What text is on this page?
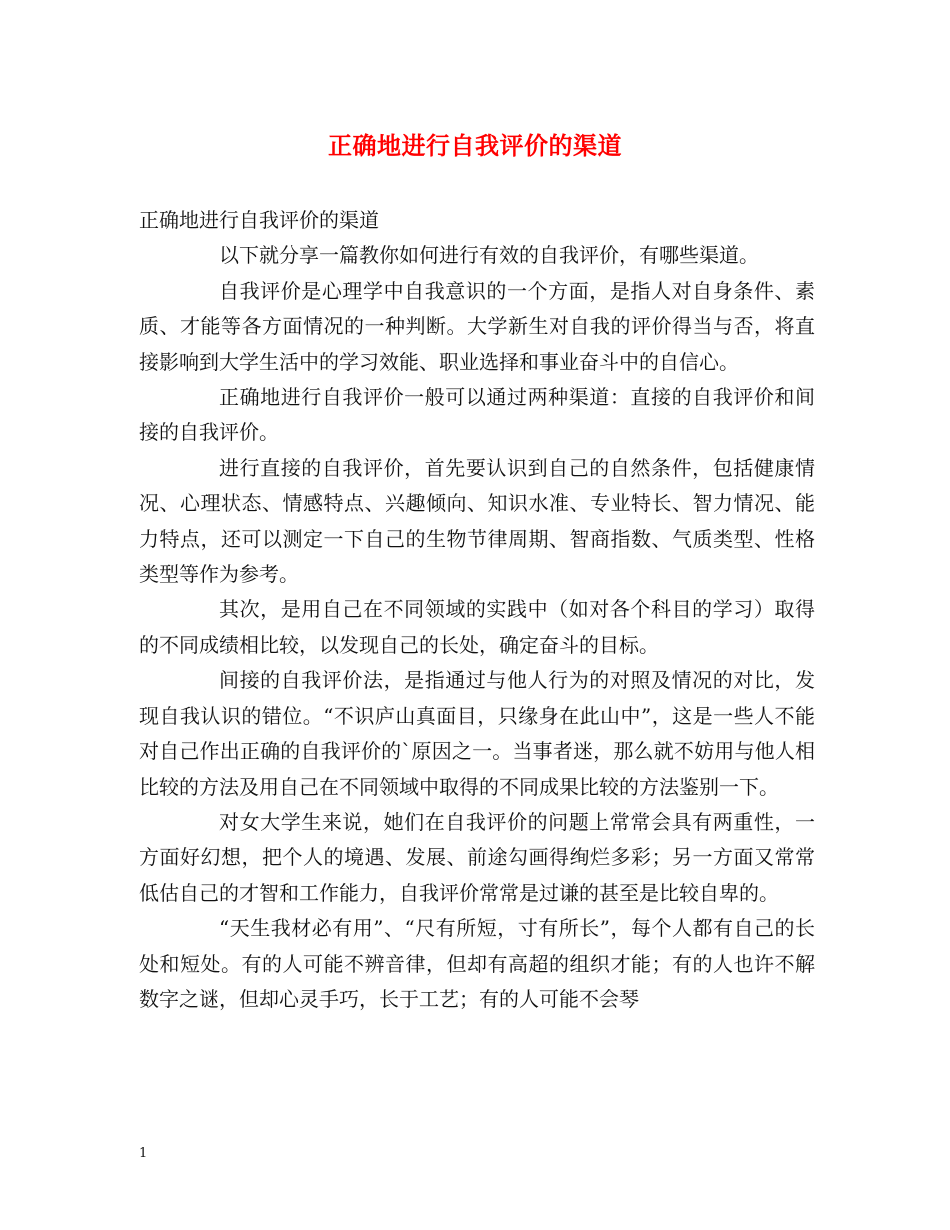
正确地进行自我评价的渠道

正确地进行自我评价的渠道

以下就分享一篇教你如何进行有效的自我评价，有哪些渠道。

自我评价是心理学中自我意识的一个方面，是指人对自身条件、素质、才能等各方面情况的一种判断。大学新生对自我的评价得当与否，将直接影响到大学生活中的学习效能、职业选择和事业奋斗中的自信心。

正确地进行自我评价一般可以通过两种渠道：直接的自我评价和间接的自我评价。

进行直接的自我评价，首先要认识到自己的自然条件，包括健康情况、心理状态、情感特点、兴趣倾向、知识水准、专业特长、智力情况、能力特点，还可以测定一下自己的生物节律周期、智商指数、气质类型、性格类型等作为参考。

其次，是用自己在不同领域的实践中（如对各个科目的学习）取得的不同成绩相比较，以发现自己的长处，确定奋斗的目标。

间接的自我评价法，是指通过与他人行为的对照及情况的对比，发现自我认识的错位。“不识庐山真面目，只缘身在此山中”，这是一些人不能对自己作出正确的自我评价的`原因之一。当事者迷，那么就不妨用与他人相比较的方法及用自己在不同领域中取得的不同成果比较的方法鉴别一下。

对女大学生来说，她们在自我评价的问题上常常会具有两重性，一方面好幻想，把个人的境遇、发展、前途勾画得绚烂多彩；另一方面又常常低估自己的才智和工作能力，自我评价常常是过谦的甚至是比较自卑的。

“天生我材必有用”、“尺有所短，寸有所长”，每个人都有自己的长处和短处。有的人可能不辨音律，但却有高超的组织才能；有的人也许不解数字之谜，但却心灵手巧，长于工艺；有的人可能不会琴

1
